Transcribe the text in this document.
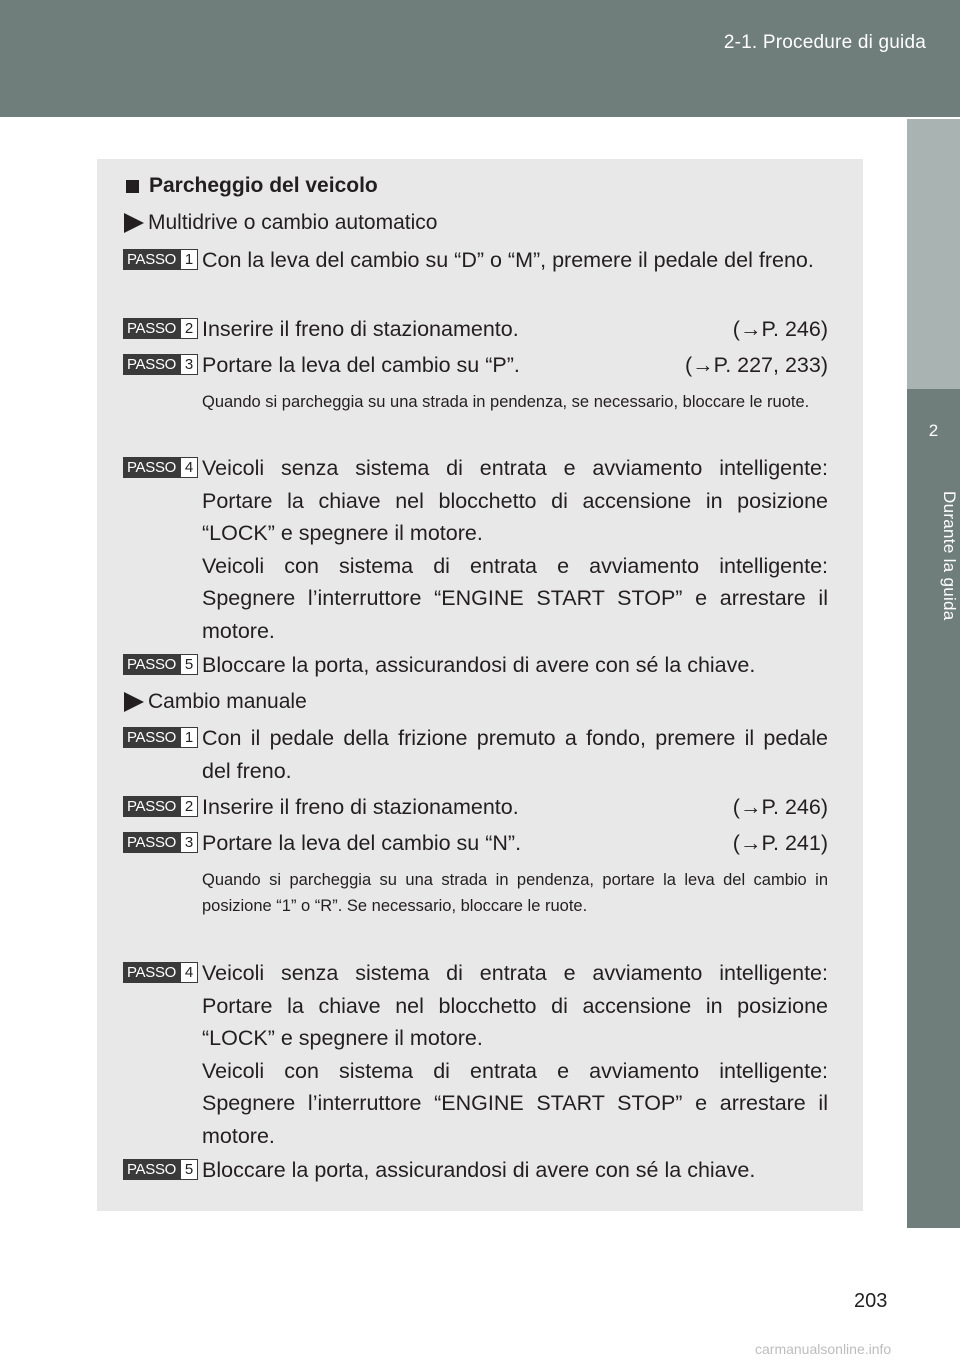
2-1. Procedure di guida
2
Durante la guida
Parcheggio del veicolo
Multidrive o cambio automatico
PASSO 1 Con la leva del cambio su “D” o “M”, premere il pedale del freno.

PASSO 2 Inserire il freno di stazionamento.	(→P. 246)
PASSO 3 Portare la leva del cambio su “P”.	(→P. 227, 233)
Quando si parcheggia su una strada in pendenza, se necessario, bloccare le ruote.
PASSO 4 Veicoli senza sistema di entrata e avviamento intelligente: Portare la chiave nel blocchetto di accensione in posizione “LOCK” e spegnere il motore.

Veicoli con sistema di entrata e avviamento intelligente: Spegnere l’interruttore “ENGINE START STOP” e arrestare il motore.

PASSO 5 Bloccare la porta, assicurandosi di avere con sé la chiave.

Cambio manuale
PASSO 1 Con il pedale della frizione premuto a fondo, premere il pedale del freno.

PASSO 2 Inserire il freno di stazionamento.	(→P. 246)
PASSO 3 Portare la leva del cambio su “N”.	(→P. 241)
Quando si parcheggia su una strada in pendenza, portare la leva del cambio in posizione “1” o “R”. Se necessario, bloccare le ruote.
PASSO 4 Veicoli senza sistema di entrata e avviamento intelligente: Portare la chiave nel blocchetto di accensione in posizione “LOCK” e spegnere il motore.

Veicoli con sistema di entrata e avviamento intelligente: Spegnere l’interruttore “ENGINE START STOP” e arrestare il motore.

PASSO 5 Bloccare la porta, assicurandosi di avere con sé la chiave.

203
carmanualsonline.info
